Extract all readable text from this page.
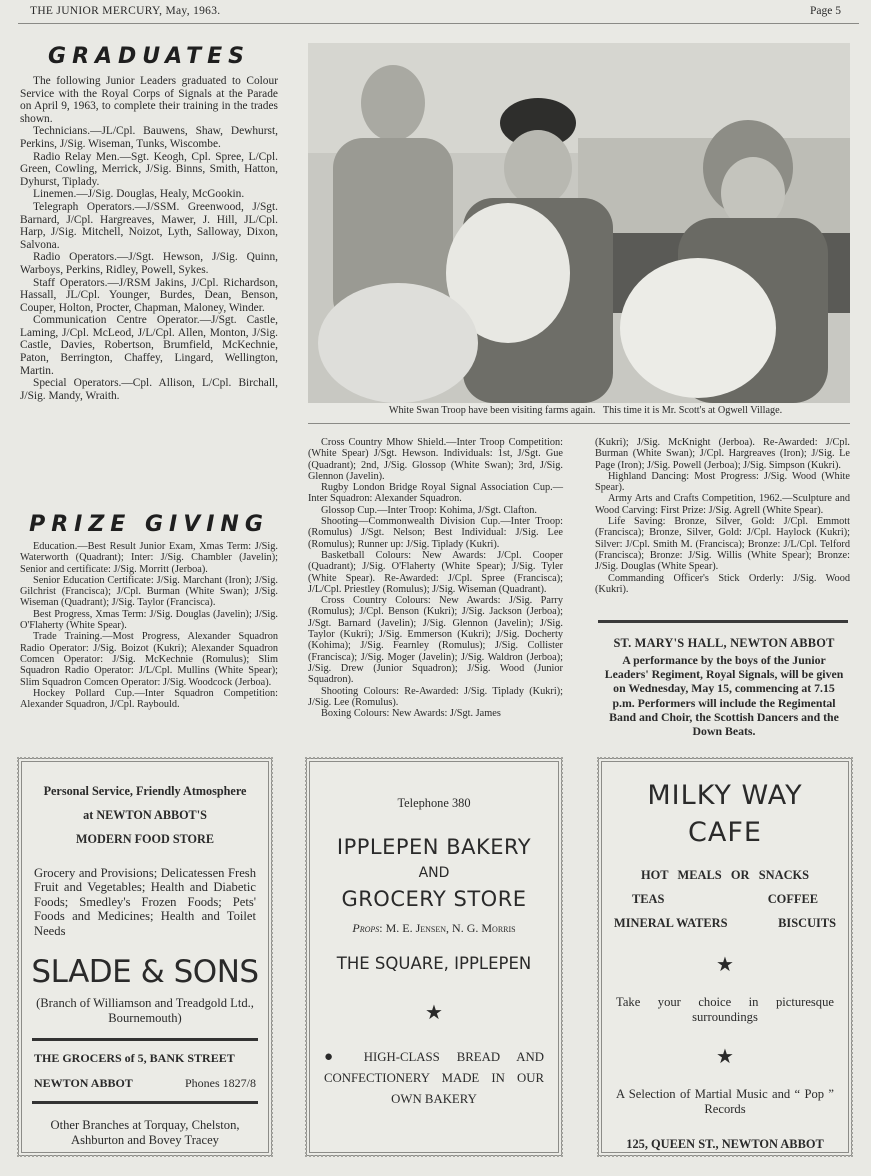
THE JUNIOR MERCURY, May, 1963.	Page 5
GRADUATES

The following Junior Leaders graduated to Colour Service with the Royal Corps of Signals at the Parade on April 9, 1963, to complete their training in the trades shown.

Technicians.—JL/Cpl. Bauwens, Shaw, Dewhurst, Perkins, J/Sig. Wiseman, Tunks, Wiscombe.

Radio Relay Men.—Sgt. Keogh, Cpl. Spree, L/Cpl. Green, Cowling, Merrick, J/Sig. Binns, Smith, Hatton, Dyhurst, Tiplady.

Linemen.—J/Sig. Douglas, Healy, McGookin.

Telegraph Operators.—J/SSM. Greenwood, J/Sgt. Barnard, J/Cpl. Hargreaves, Mawer, J. Hill, JL/Cpl. Harp, J/Sig. Mitchell, Noizot, Lyth, Salloway, Dixon, Salvona.

Radio Operators.—J/Sgt. Hewson, J/Sig. Quinn, Warboys, Perkins, Ridley, Powell, Sykes.

Staff Operators.—J/RSM Jakins, J/Cpl. Richardson, Hassall, JL/Cpl. Younger, Burdes, Dean, Benson, Couper, Holton, Procter, Chapman, Maloney, Winder.

Communication Centre Operator.—J/Sgt. Castle, Laming, J/Cpl. McLeod, J/L/Cpl. Allen, Monton, J/Sig. Castle, Davies, Robertson, Brumfield, McKechnie, Paton, Berrington, Chaffey, Lingard, Wellington, Martin.

Special Operators.—Cpl. Allison, L/Cpl. Birchall, J/Sig. Mandy, Wraith.

PRIZE GIVING

Education.—Best Result Junior Exam, Xmas Term: J/Sig. Waterworth (Quadrant); Inter: J/Sig. Chambler (Javelin); Senior and certificate: J/Sig. Morritt (Jerboa).

Senior Education Certificate: J/Sig. Marchant (Iron); J/Sig. Gilchrist (Francisca); J/Cpl. Burman (White Swan); J/Sig. Wiseman (Quadrant); J/Sig. Taylor (Francisca).

Best Progress, Xmas Term: J/Sig. Douglas (Javelin); J/Sig. O'Flaherty (White Spear).

Trade Training.—Most Progress, Alexander Squadron Radio Operator: J/Sig. Boizot (Kukri); Alexander Squadron Comcen Operator: J/Sig. McKechnie (Romulus); Slim Squadron Radio Operator: J/L/Cpl. Mullins (White Spear); Slim Squadron Comcen Operator: J/Sig. Woodcock (Jerboa).

Hockey Pollard Cup.—Inter Squadron Competition: Alexander Squadron, J/Cpl. Raybould.

White Swan Troop have been visiting farms again.   This time it is Mr. Scott's at Ogwell Village.

Cross Country Mhow Shield.—Inter Troop Competition: (White Spear) J/Sgt. Hewson. Individuals: 1st, J/Sgt. Gue (Quadrant); 2nd, J/Sig. Glossop (White Swan); 3rd, J/Sig. Glennon (Javelin).

Rugby London Bridge Royal Signal Association Cup.—Inter Squadron: Alexander Squadron.

Glossop Cup.—Inter Troop: Kohima, J/Sgt. Clafton.

Shooting—Commonwealth Division Cup.—Inter Troop: (Romulus) J/Sgt. Nelson; Best Individual: J/Sig. Lee (Romulus); Runner up: J/Sig. Tiplady (Kukri).

Basketball Colours: New Awards: J/Cpl. Cooper (Quadrant); J/Sig. O'Flaherty (White Spear); J/Sig. Tyler (White Spear). Re-Awarded: J/Cpl. Spree (Francisca); J/L/Cpl. Priestley (Romulus); J/Sig. Wiseman (Quadrant).

Cross Country Colours: New Awards: J/Sig. Parry (Romulus); J/Cpl. Benson (Kukri); J/Sig. Jackson (Jerboa); J/Sgt. Barnard (Javelin); J/Sig. Glennon (Javelin); J/Sig. Taylor (Kukri); J/Sig. Emmerson (Kukri); J/Sig. Docherty (Kohima); J/Sig. Fearnley (Romulus); J/Sig. Collister (Francisca); J/Sig. Moger (Javelin); J/Sig. Waldron (Jerboa); J/Sig. Drew (Junior Squadron); J/Sig. Wood (Junior Squadron).

Shooting Colours: Re-Awarded: J/Sig. Tiplady (Kukri); J/Sig. Lee (Romulus).

Boxing Colours: New Awards: J/Sgt. James

(Kukri); J/Sig. McKnight (Jerboa). Re-Awarded: J/Cpl. Burman (White Swan); J/Cpl. Hargreaves (Iron); J/Sig. Le Page (Iron); J/Sig. Powell (Jerboa); J/Sig. Simpson (Kukri).

Highland Dancing: Most Progress: J/Sig. Wood (White Spear).

Army Arts and Crafts Competition, 1962.—Sculpture and Wood Carving: First Prize: J/Sig. Agrell (White Spear).

Life Saving: Bronze, Silver, Gold: J/Cpl. Emmott (Francisca); Bronze, Silver, Gold: J/Cpl. Haylock (Kukri); Silver: J/Cpl. Smith M. (Francisca); Bronze: J/L/Cpl. Telford (Francisca); Bronze: J/Sig. Willis (White Spear); Bronze: J/Sig. Douglas (White Spear).

Commanding Officer's Stick Orderly: J/Sig. Wood (Kukri).

ST. MARY'S HALL, NEWTON ABBOT
A performance by the boys of the Junior Leaders' Regiment, Royal Signals, will be given on Wednesday, May 15, commencing at 7.15 p.m. Performers will include the Regimental Band and Choir, the Scottish Dancers and the Down Beats.
Personal Service, Friendly Atmosphere
at NEWTON ABBOT'S
MODERN FOOD STORE
Grocery and Provisions; Delicatessen Fresh Fruit and Vegetables; Health and Diabetic Foods; Smedley's Frozen Foods; Pets' Foods and Medicines; Health and Toilet Needs
SLADE & SONS
(Branch of Williamson and Treadgold Ltd., Bournemouth)
THE GROCERS of 5, BANK STREET
NEWTON ABBOT	Phones 1827/8
Other Branches at Torquay, Chelston, Ashburton and Bovey Tracey
Telephone 380
IPPLEPEN BAKERY
AND
GROCERY STORE
Props: M. E. Jensen, N. G. Morris
THE SQUARE, IPPLEPEN
★
● HIGH-CLASS BREAD AND CONFECTIONERY MADE IN OUR OWN BAKERY
MILKY WAY
CAFE
HOT   MEALS   OR   SNACKS
TEAS	COFFEE
MINERAL WATERS	BISCUITS
★
Take your choice in picturesque surroundings
★
A Selection of Martial Music and “ Pop ” Records
125, QUEEN ST., NEWTON ABBOT
